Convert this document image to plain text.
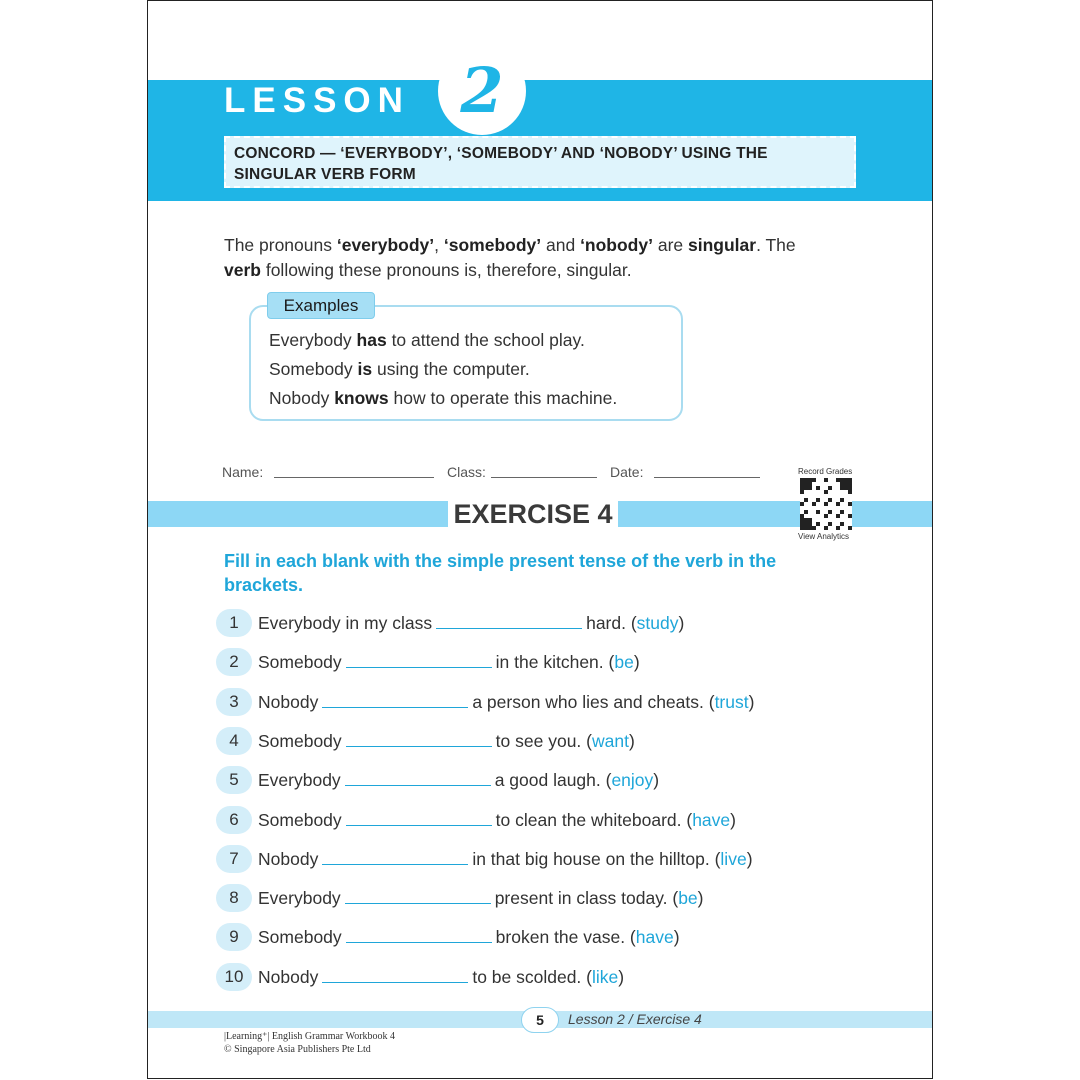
LESSON 2
CONCORD — ‘EVERYBODY’, ‘SOMEBODY’ AND ‘NOBODY’ USING THE
SINGULAR VERB FORM
The pronouns ‘everybody’, ‘somebody’ and ‘nobody’ are singular. The
verb following these pronouns is, therefore, singular.
Examples
Everybody has to attend the school play.
Somebody is using the computer.
Nobody knows how to operate this machine.
Name:	Class:	Date:
EXERCISE 4
Record Grades
View Analytics
Fill in each blank with the simple present tense of the verb in the brackets.
1	Everybody in my class	hard. (study)
2	Somebody	in the kitchen. (be)
3	Nobody	a person who lies and cheats. (trust)
4	Somebody	to see you. (want)
5	Everybody	a good laugh. (enjoy)
6	Somebody	to clean the whiteboard. (have)
7	Nobody	in that big house on the hilltop. (live)
8	Everybody	present in class today. (be)
9	Somebody	broken the vase. (have)
10 Nobody	to be scolded. (like)
5	Lesson 2 / Exercise 4
|Learning⁺| English Grammar Workbook 4
© Singapore Asia Publishers Pte Ltd
